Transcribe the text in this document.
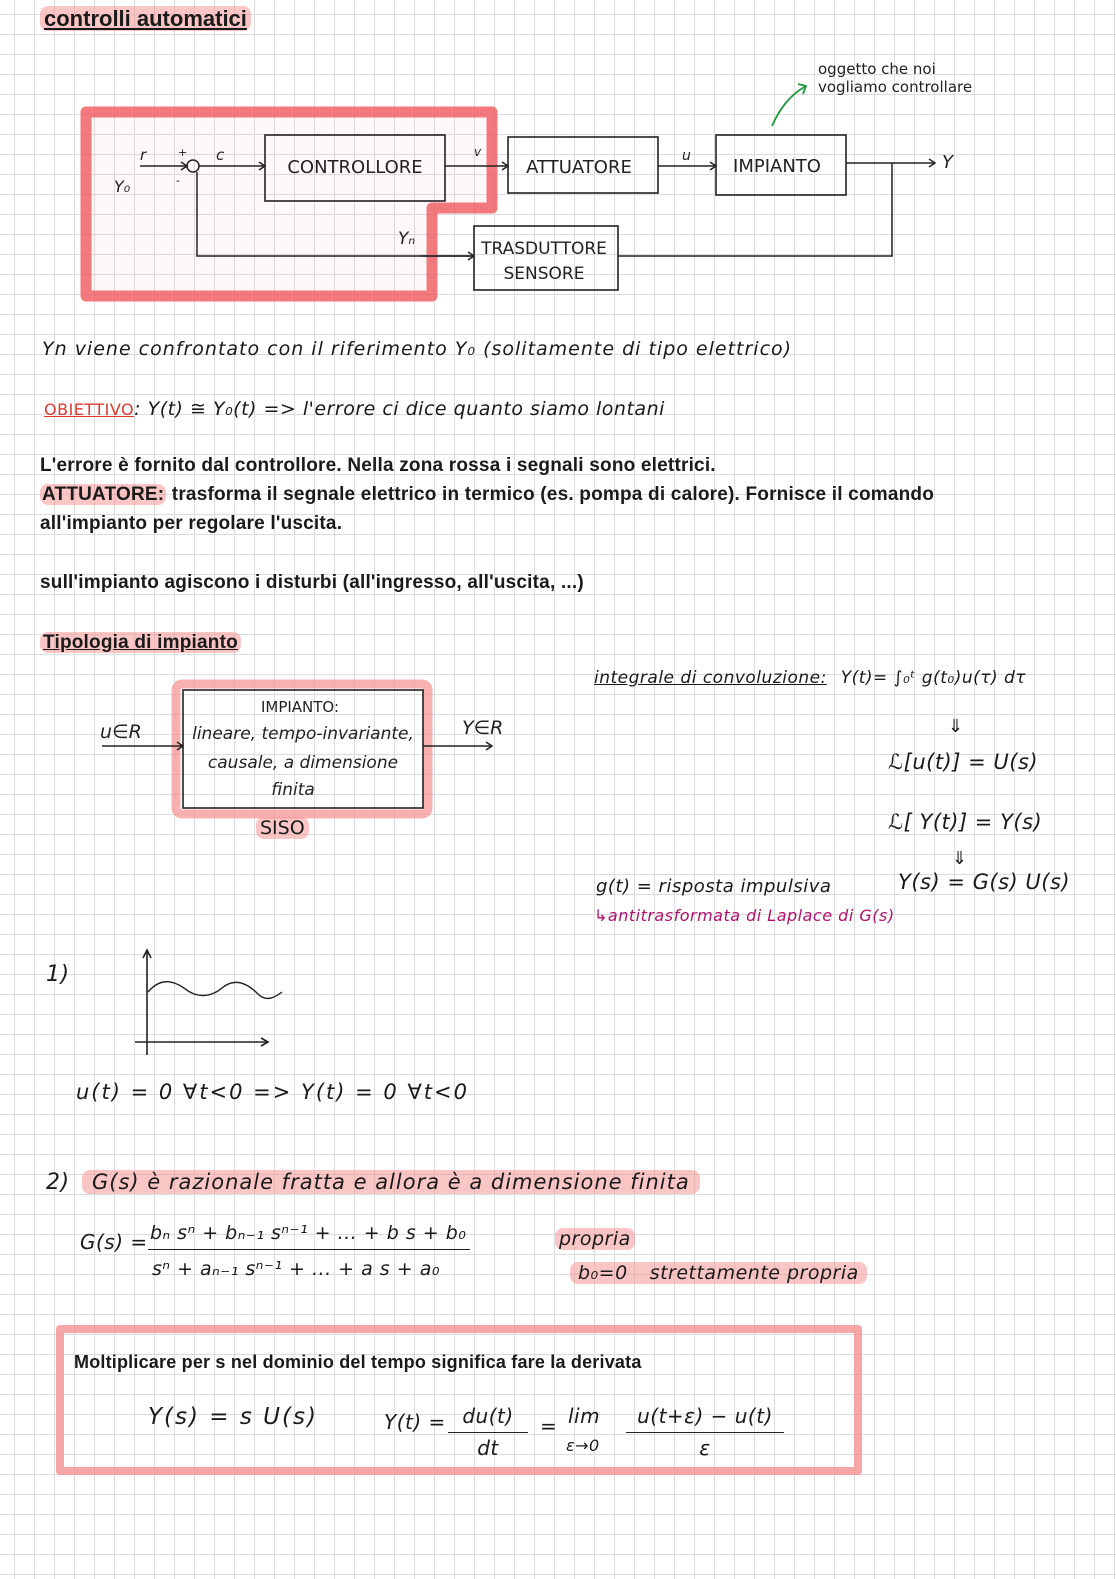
controlli automatici
oggetto che noi
vogliamo controllare
CONTROLLORE	ATTUATORE	IMPIANTO
TRASDUTTORE
SENSORE
Y₀
r	c
+
-
v	u	Y
Yₙ
Yn viene confrontato con il riferimento Y₀ (solitamente di tipo elettrico)
OBIETTIVO: Y(t) ≅ Y₀(t) => l'errore ci dice quanto siamo lontani
L'errore è fornito dal controllore. Nella zona rossa i segnali sono elettrici.
ATTUATORE: trasforma il segnale elettrico in termico (es. pompa di calore). Fornisce il comando
all'impianto per regolare l'uscita.
sull'impianto agiscono i disturbi (all'ingresso, all'uscita, ...)
Tipologia di impianto
u∈R	Y∈R
IMPIANTO:
lineare, tempo-invariante,
causale, a dimensione
finita
SISO
integrale di convoluzione: Y(t)= ∫₀ᵗ g(t₀)u(τ) dτ
⇓
ℒ[u(t)] = U(s)
ℒ[ Y(t)] = Y(s)
⇓
Y(s) = G(s) U(s)
g(t) = risposta impulsiva
↳antitrasformata di Laplace di G(s)
1)
u(t) = 0 ∀t<0 => Y(t) = 0 ∀t<0
2)	G(s) è razionale fratta e allora è a dimensione finita
G(s) = bₙ sⁿ + bₙ₋₁ sⁿ⁻¹ + ... + b s + b₀
sⁿ + aₙ₋₁ sⁿ⁻¹ + ... + a s + a₀
propria
b₀=0 strettamente propria
Moltiplicare per s nel dominio del tempo significa fare la derivata
Y(s) = s U(s)	Y(t) = du(t)
dt
= lim
ε→0
u(t+ε) − u(t)
ε
